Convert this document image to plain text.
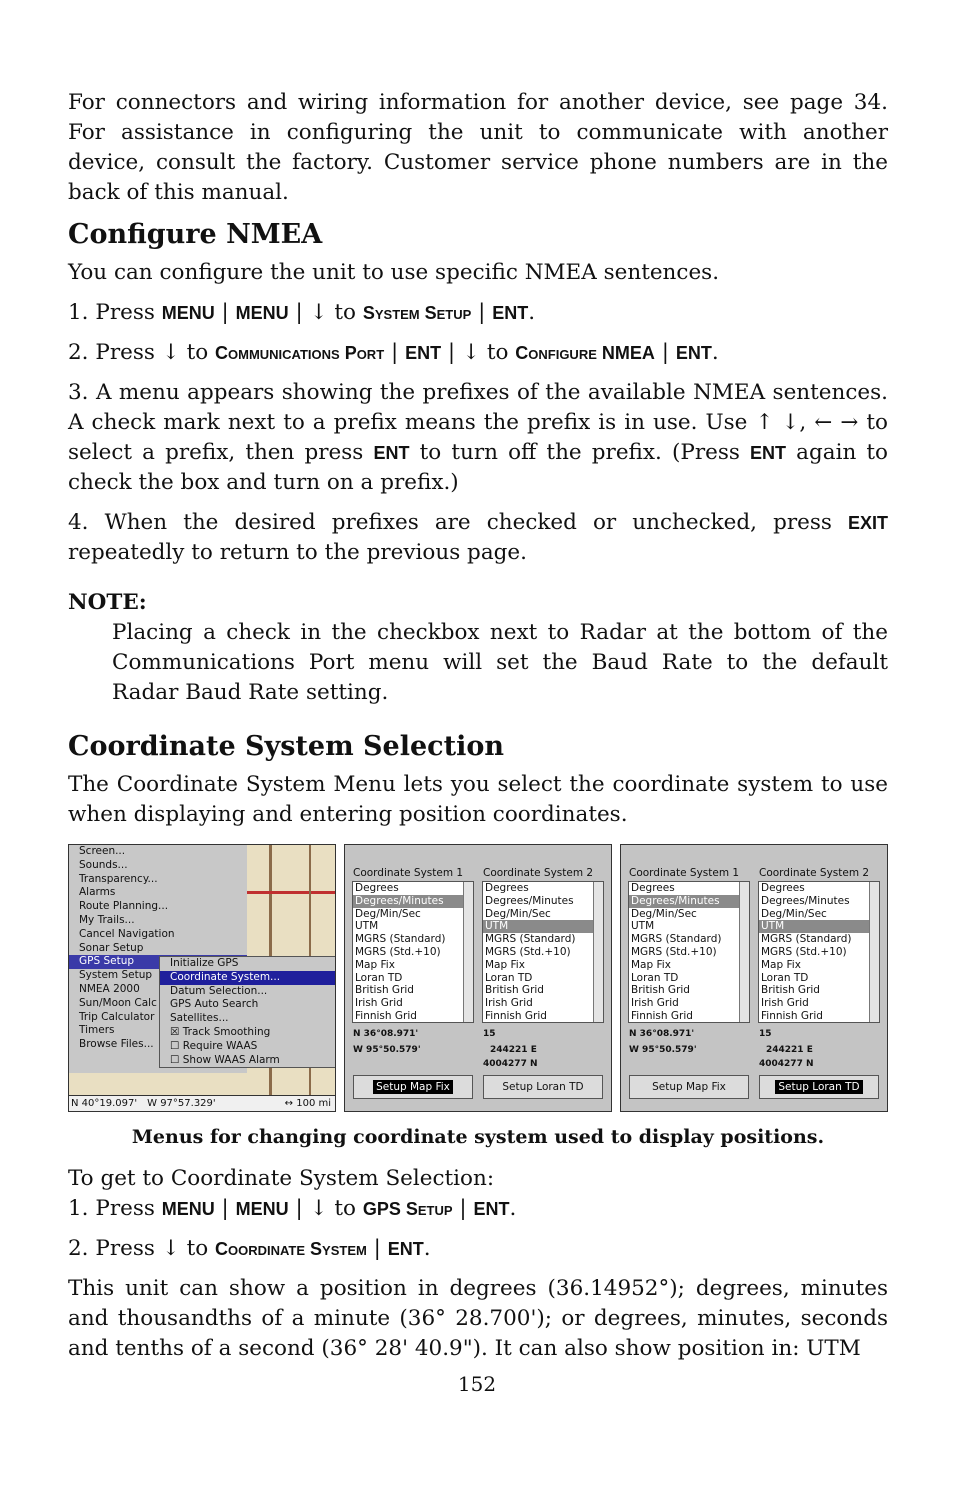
For connectors and wiring information for another device, see page 34. For assistance in configuring the unit to communicate with another device, consult the factory. Customer service phone numbers are in the back of this manual.

Configure NMEA

You can configure the unit to use specific NMEA sentences.

1. Press MENU | MENU | ↓ to System Setup | ENT.

2. Press ↓ to Communications Port | ENT | ↓ to Configure NMEA | ENT.

3. A menu appears showing the prefixes of the available NMEA sentences. A check mark next to a prefix means the prefix is in use. Use ↑ ↓, ← → to select a prefix, then press ENT to turn off the prefix. (Press ENT again to check the box and turn on a prefix.)

4. When the desired prefixes are checked or unchecked, press EXIT repeatedly to return to the previous page.

NOTE:

Placing a check in the checkbox next to Radar at the bottom of the Communications Port menu will set the Baud Rate to the default Radar Baud Rate setting.

Coordinate System Selection

The Coordinate System Menu lets you select the coordinate system to use when displaying and entering position coordinates.

Screen...
Sounds...
Transparency...
Alarms
Route Planning...
My Trails...
Cancel Navigation
Sonar Setup
GPS Setup
System Setup
NMEA 2000
Sun/Moon Calc
Trip Calculator
Timers
Browse Files...
Initialize GPS
Coordinate System...
Datum Selection...
GPS Auto Search
Satellites...
☒ Track Smoothing
☐ Require WAAS
☐ Show WAAS Alarm
N 40°19.097' W 97°57.329'	↔ 100 mi
Coordinate System 1 Coordinate System 2
Degrees
Degrees/Minutes
Deg/Min/Sec
UTM
MGRS (Standard)
MGRS (Std.+10)
Map Fix
Loran TD
British Grid
Irish Grid
Finnish Grid
Degrees
Degrees/Minutes
Deg/Min/Sec
UTM
MGRS (Standard)
MGRS (Std.+10)
Map Fix
Loran TD
British Grid
Irish Grid
Finnish Grid
N 36°08.971'
W 95°50.579'
15
244221 E
4004277 N
Setup Map Fix	Setup Loran TD
Coordinate System 1 Coordinate System 2
Degrees
Degrees/Minutes
Deg/Min/Sec
UTM
MGRS (Standard)
MGRS (Std.+10)
Map Fix
Loran TD
British Grid
Irish Grid
Finnish Grid
Degrees
Degrees/Minutes
Deg/Min/Sec
UTM
MGRS (Standard)
MGRS (Std.+10)
Map Fix
Loran TD
British Grid
Irish Grid
Finnish Grid
N 36°08.971'
W 95°50.579'
15
244221 E
4004277 N
Setup Map Fix	Setup Loran TD

Menus for changing coordinate system used to display positions.

To get to Coordinate System Selection:

1. Press MENU | MENU | ↓ to GPS Setup | ENT.

2. Press ↓ to Coordinate System | ENT.

This unit can show a position in degrees (36.14952°); degrees, minutes and thousandths of a minute (36° 28.700'); or degrees, minutes, seconds and tenths of a second (36° 28' 40.9"). It can also show position in: UTM

152
